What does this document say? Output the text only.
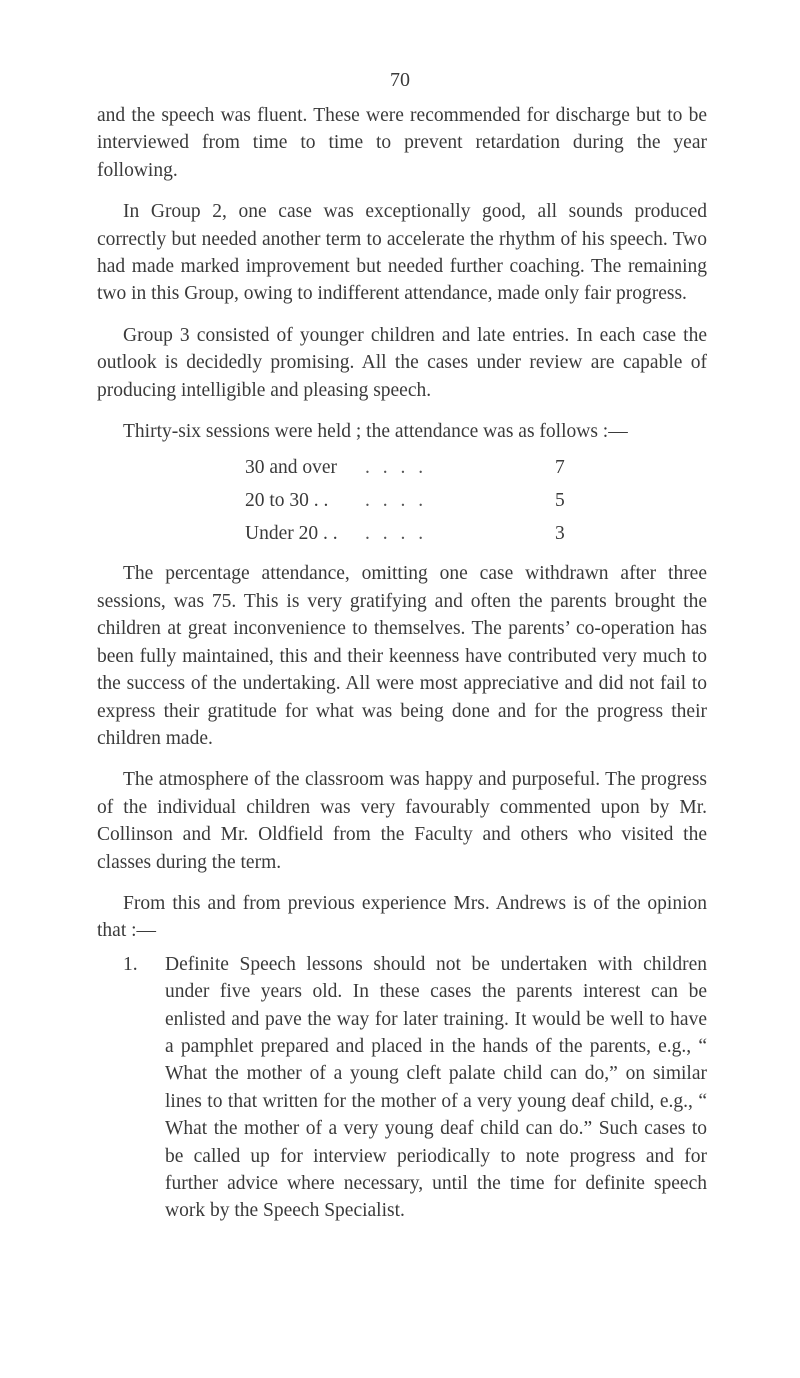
70

and the speech was fluent. These were recommended for discharge but to be interviewed from time to time to prevent retardation during the year following.

In Group 2, one case was exceptionally good, all sounds produced correctly but needed another term to accelerate the rhythm of his speech. Two had made marked improvement but needed further coaching. The remaining two in this Group, owing to indifferent attendance, made only fair progress.

Group 3 consisted of younger children and late entries. In each case the outlook is decidedly promising. All the cases under review are capable of producing intelligible and pleasing speech.

Thirty-six sessions were held ; the attendance was as follows :—

30 and over	. . . .	7
20 to 30 . .	. . . .	5
Under 20 . .	. . . .	3

The percentage attendance, omitting one case withdrawn after three sessions, was 75. This is very gratifying and often the parents brought the children at great inconvenience to themselves. The parents’ co-operation has been fully maintained, this and their keenness have contributed very much to the success of the undertaking. All were most appreciative and did not fail to express their gratitude for what was being done and for the progress their children made.

The atmosphere of the classroom was happy and purposeful. The progress of the individual children was very favourably commented upon by Mr. Collinson and Mr. Oldfield from the Faculty and others who visited the classes during the term.

From this and from previous experience Mrs. Andrews is of the opinion that :—

1.	Definite Speech lessons should not be undertaken with children under five years old. In these cases the parents interest can be enlisted and pave the way for later training. It would be well to have a pamphlet prepared and placed in the hands of the parents, e.g., “ What the mother of a young cleft palate child can do,” on similar lines to that written for the mother of a very young deaf child, e.g., “ What the mother of a very young deaf child can do.” Such cases to be called up for interview periodically to note progress and for further advice where necessary, until the time for definite speech work by the Speech Specialist.
